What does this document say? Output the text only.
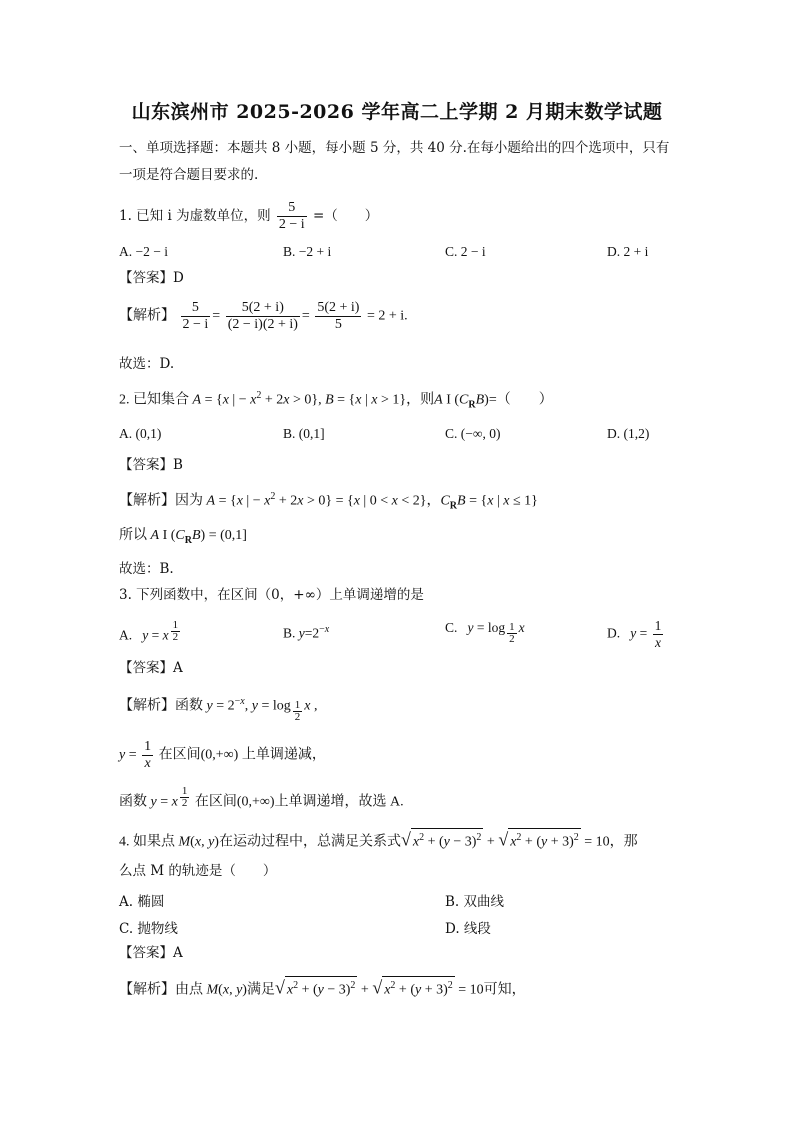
山东滨州市 2025-2026 学年高二上学期 2 月期末数学试题
一、单项选择题：本题共 8 小题，每小题 5 分，共 40 分.在每小题给出的四个选项中，只有
一项是符合题目要求的.
1. 已知 i 为虚数单位，则 $\frac{5}{2 - i}$ =（　　）
A. −2 − i	B. −2 + i	C. 2 − i	D. 2 + i
【答案】D
【解析】 $\frac{5}{2 - i} = \frac{5(2 + i)}{(2 - i)(2 + i)} = \frac{5(2 + i)}{5} = 2 + i$.
故选：D.
2. 已知集合 A = {x | − $x^2 + 2x > 0$}, B = {x | x > 1}，则A I $(C_RB)=$（　　）
A. (0,1)	B. (0,1]	C. (−∞, 0)	D. (1,2)
【答案】B
【解析】因为 A = {x | − $x^2 + 2x > 0\} = \{x$ | 0 < x < 2}，$C_RB = \{x$ | x ≤ 1}
所以 A I $(C_RB) = (0,1]$
故选：B.
3. 下列函数中，在区间（0，+∞）上单调递增的是
A. y = x $^{\frac{1}{2}}$	B. $y=2^{-x}$	C. y = log $_{\frac{1}{2}}$ x	D. $y = \frac{1}{x}$
【答案】A
【解析】函数 $y = 2^{-x}$, y = log $_{\frac{1}{2}}$ x ,
$y = \frac{1}{x}$ 在区间(0,+∞) 上单调递减，
函数 y = x $^{\frac{1}{2}}$ 在区间(0,+∞)上单调递增，故选 A.
4. 如果点 M(x, y)在运动过程中，总满足关系式√ $x^2 + (y - 3)^2$ + √ $x^2 + (y + 3)^2 = 10$，那
么点 M 的轨迹是（　　）
A. 椭圆	B. 双曲线
C. 抛物线	D. 线段
【答案】A
【解析】由点 M(x, y)满足√ $x^2 + (y - 3)^2$ + √ $x^2 + (y + 3)^2 = 10$可知，
